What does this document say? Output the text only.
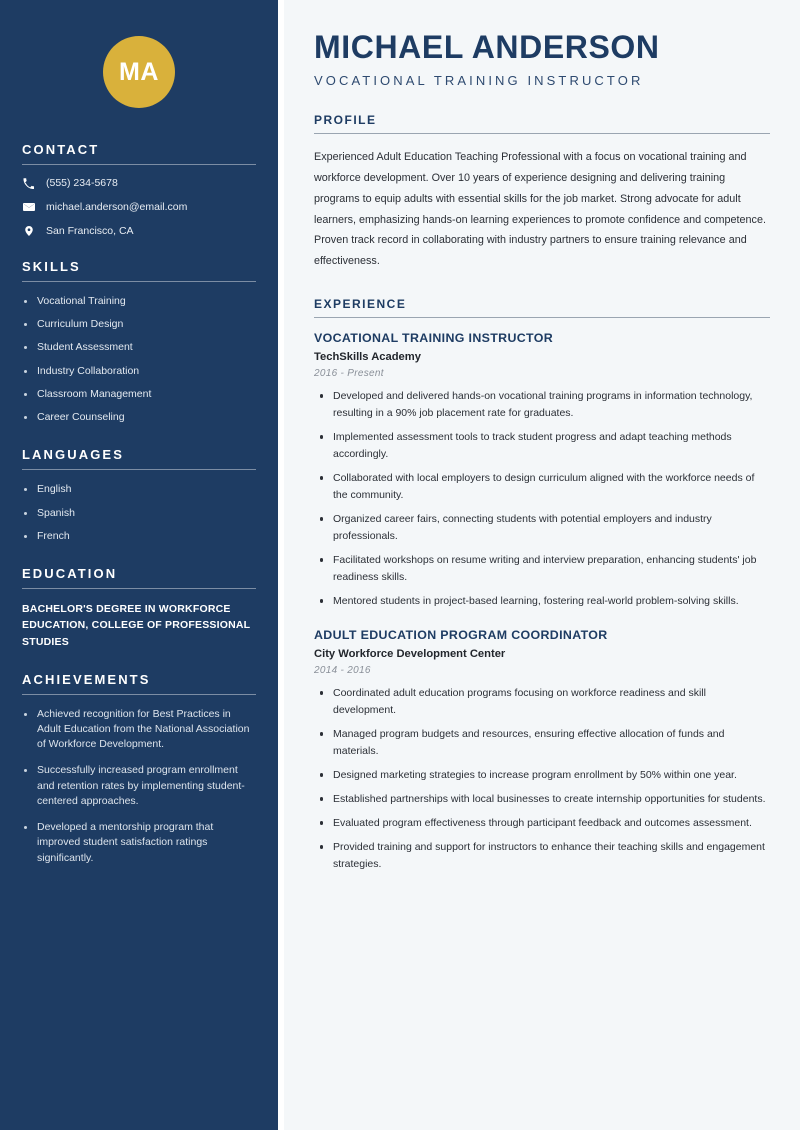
MA
CONTACT
(555) 234-5678
michael.anderson@email.com
San Francisco, CA
SKILLS
Vocational Training
Curriculum Design
Student Assessment
Industry Collaboration
Classroom Management
Career Counseling
LANGUAGES
English
Spanish
French
EDUCATION
BACHELOR'S DEGREE IN WORKFORCE EDUCATION, COLLEGE OF PROFESSIONAL STUDIES
ACHIEVEMENTS
Achieved recognition for Best Practices in Adult Education from the National Association of Workforce Development.
Successfully increased program enrollment and retention rates by implementing student-centered approaches.
Developed a mentorship program that improved student satisfaction ratings significantly.
MICHAEL ANDERSON
VOCATIONAL TRAINING INSTRUCTOR
PROFILE

Experienced Adult Education Teaching Professional with a focus on vocational training and workforce development. Over 10 years of experience designing and delivering training programs to equip adults with essential skills for the job market. Strong advocate for adult learners, emphasizing hands-on learning experiences to promote confidence and competence. Proven track record in collaborating with industry partners to ensure training relevance and effectiveness.

EXPERIENCE
VOCATIONAL TRAINING INSTRUCTOR
TechSkills Academy
2016 - Present
Developed and delivered hands-on vocational training programs in information technology, resulting in a 90% job placement rate for graduates.
Implemented assessment tools to track student progress and adapt teaching methods accordingly.
Collaborated with local employers to design curriculum aligned with the workforce needs of the community.
Organized career fairs, connecting students with potential employers and industry professionals.
Facilitated workshops on resume writing and interview preparation, enhancing students' job readiness skills.
Mentored students in project-based learning, fostering real-world problem-solving skills.
ADULT EDUCATION PROGRAM COORDINATOR
City Workforce Development Center
2014 - 2016
Coordinated adult education programs focusing on workforce readiness and skill development.
Managed program budgets and resources, ensuring effective allocation of funds and materials.
Designed marketing strategies to increase program enrollment by 50% within one year.
Established partnerships with local businesses to create internship opportunities for students.
Evaluated program effectiveness through participant feedback and outcomes assessment.
Provided training and support for instructors to enhance their teaching skills and engagement strategies.
